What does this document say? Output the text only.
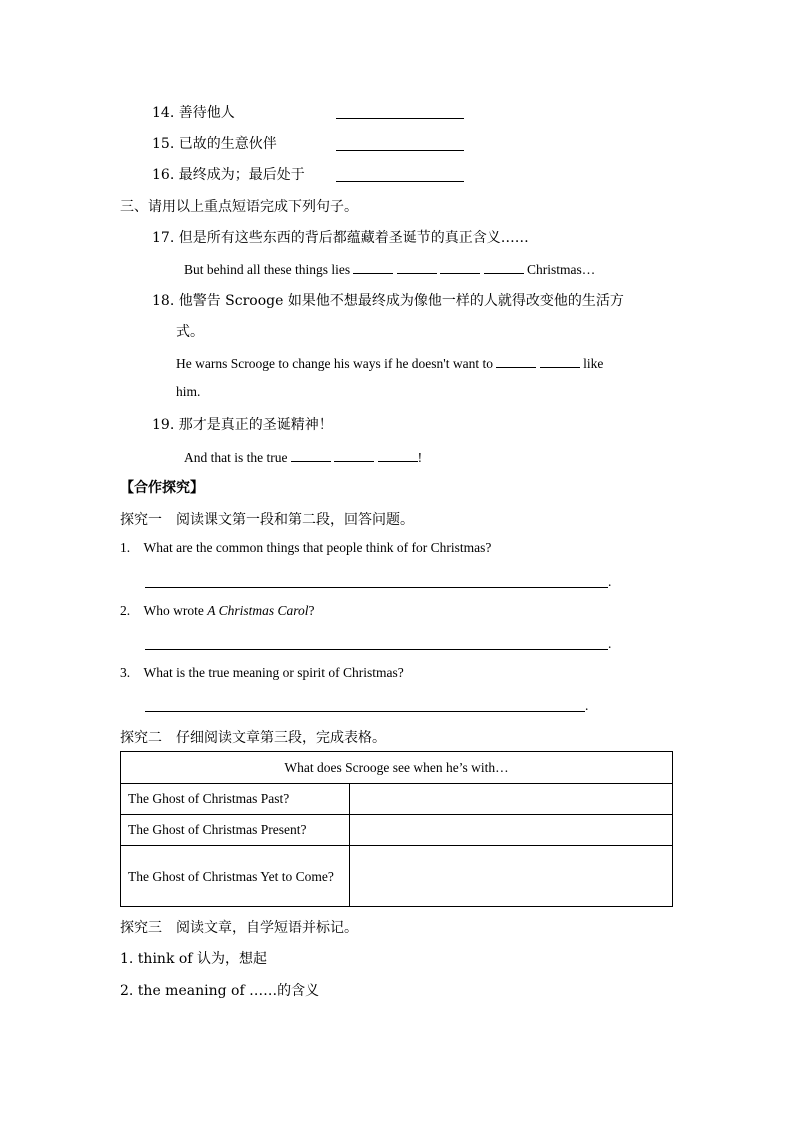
14. 善待他人
15. 已故的生意伙伴
16. 最终成为；最后处于
三、请用以上重点短语完成下列句子。
17. 但是所有这些东西的背后都蕴藏着圣诞节的真正含义……
But behind all these things lies	Christmas…
18. 他警告 Scrooge 如果他不想最终成为像他一样的人就得改变他的生活方
式。
He warns Scrooge to change his ways if he doesn't want to	like
him.
19. 那才是真正的圣诞精神！
And that is the true	!
【合作探究】
探究一　阅读课文第一段和第二段，回答问题。
1. What are the common things that people think of for Christmas?
.
2. Who wrote A Christmas Carol?
.
3. What is the true meaning or spirit of Christmas?
.
探究二　仔细阅读文章第三段，完成表格。
What does Scrooge see when he’s with…	
The Ghost of Christmas Past?	
The Ghost of Christmas Present?	
The Ghost of Christmas Yet to Come?	
探究三　阅读文章，自学短语并标记。
1. think of 认为，想起
2. the meaning of ……的含义
